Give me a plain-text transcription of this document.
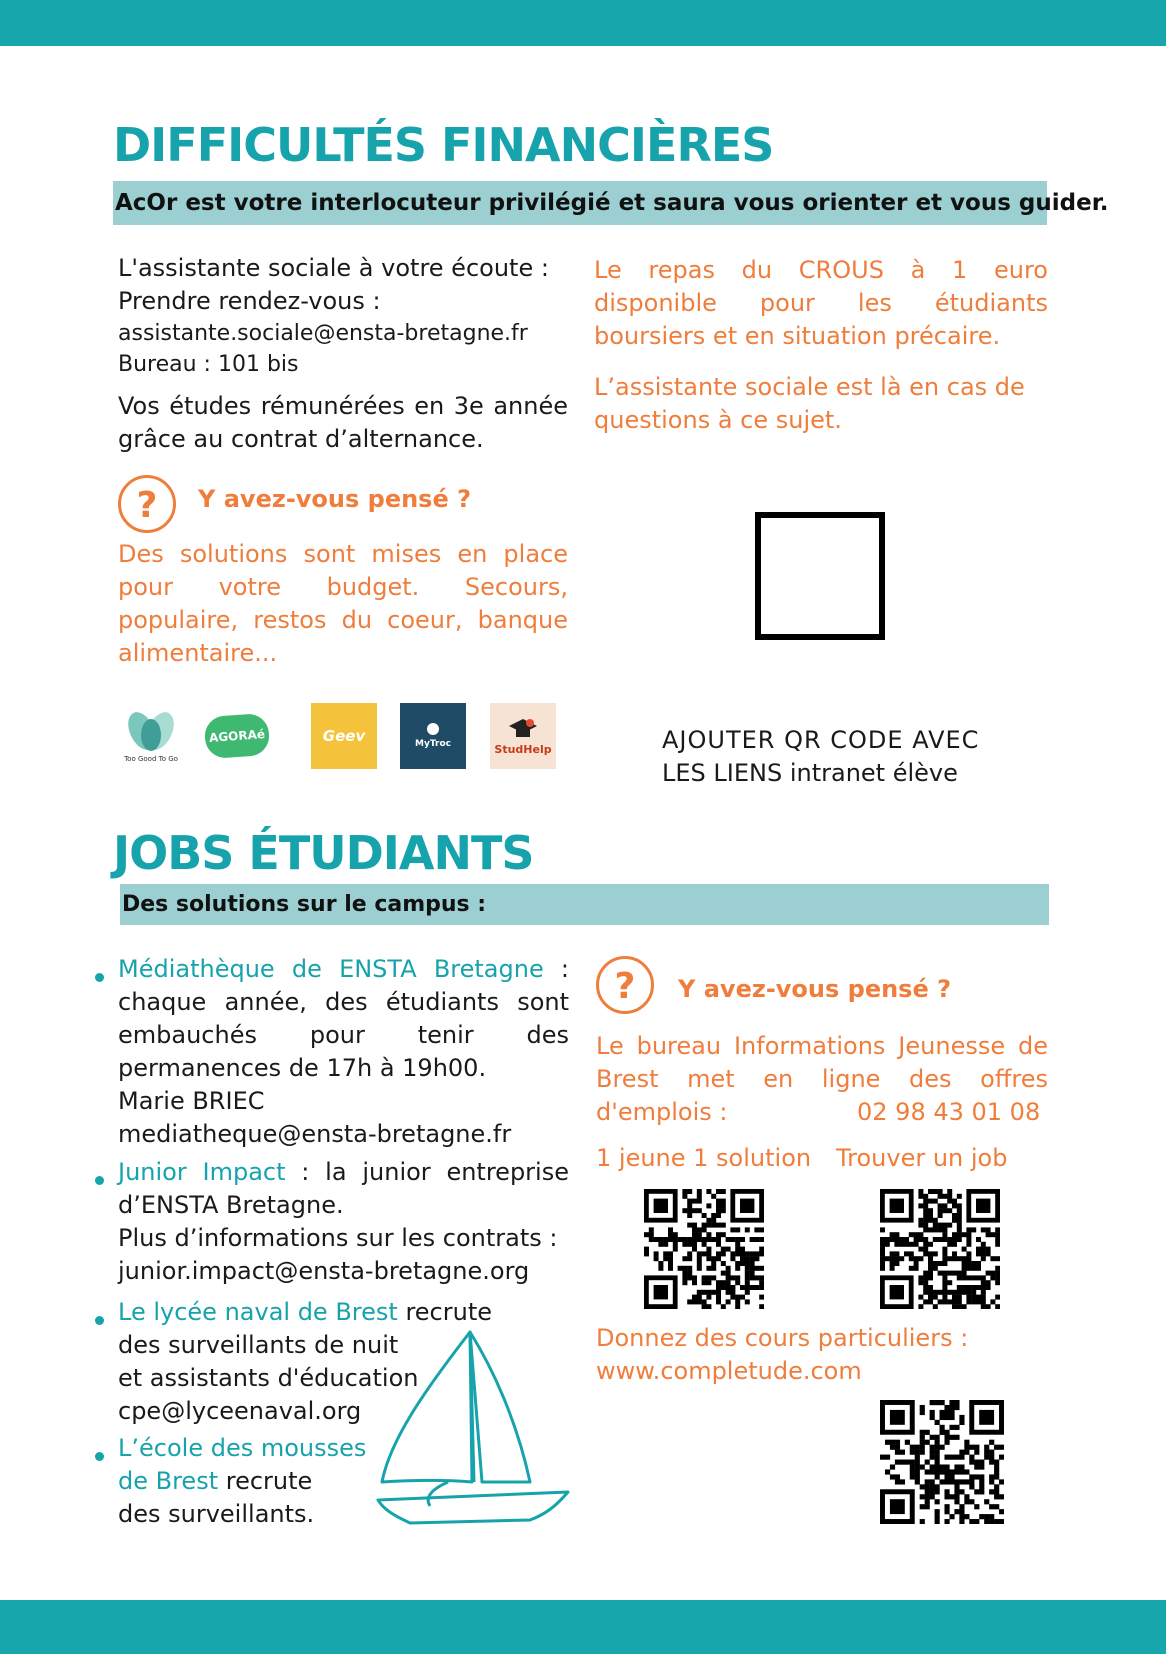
DIFFICULTÉS FINANCIÈRES
AcOr est votre interlocuteur privilégié et saura vous orienter et vous guider.
L'assistante sociale à votre écoute :
Prendre rendez-vous :
assistante.sociale@ensta-bretagne.fr
Bureau : 101 bis
Vos études rémunérées en 3e année grâce au contrat d’alternance.
?	Y avez-vous pensé ?
Des solutions sont mises en place pour votre budget. Secours, populaire, restos du coeur, banque alimentaire...
Too Good To Go
AGORAé	Geev	MyTroc	StudHelp
Le repas du CROUS à 1 euro disponible pour les étudiants boursiers et en situation précaire.
L’assistante sociale est là en cas de questions à ce sujet.
AJOUTER QR CODE AVEC
LES LIENS intranet élève
JOBS ÉTUDIANTS
Des solutions sur le campus :
Médiathèque de ENSTA Bretagne : chaque année, des étudiants sont embauchés pour tenir des permanences de 17h à 19h00.
Marie BRIEC
mediatheque@ensta-bretagne.fr
Junior Impact : la junior entreprise d’ENSTA Bretagne.
Plus d’informations sur les contrats :
junior.impact@ensta-bretagne.org
Le lycée naval de Brest recrute
des surveillants de nuit
et assistants d'éducation
cpe@lyceenaval.org
L’école des mousses
de Brest recrute
des surveillants.
?	Y avez-vous pensé ?
Le bureau Informations Jeunesse de Brest met en ligne des offres d'emplois :	02 98 43 01 08
1 jeune 1 solution Trouver un job
Donnez des cours particuliers :
www.completude.com
